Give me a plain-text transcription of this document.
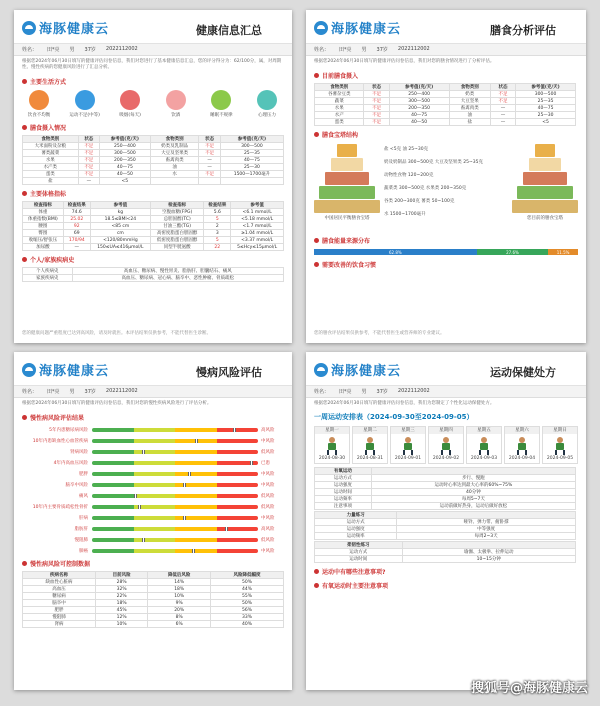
海豚健康云	健康信息汇总
姓名： 田*亮 男 37岁 2022112002
根据您2024年06月30日填写的健康评估问卷信息，我们对您进行了基本健康信息汇总，您的评分得分为：62/100分，属，对周期性、慢性疾病的您健康风险进行了汇总分析。
主要生活方式
饮食不均衡	运动不足(中等)	吸烟(每天)	饮酒	睡眠不规律	心理压力
膳食摄入情况
食物类别	状态	参考值(克/天)	食物类别	状态	参考值(克/天)
大米面粉及杂粮	不足	250—400	奶类及乳制品	不足	300—500
薯类蔬菜	不足	300—500	大豆及坚果类	不足	25—35
水果	不足	200—350	畜禽肉类	—	40—75
水产类	不足	40—75	油	—	25—30
蛋类	不足	40—50	水	不足	1500—1700毫升
盐	—	<5			
主要体格指标
检查指标	检查结果	参考值	检查指标	检查结果	参考值
体重	74.6	kg	空腹血糖(FPG)	5.6	<6.1 mmol/L
体重指数(BMI)	25.02	18.5≤BMI<24	总胆固醇(TC)	5	<5.18 mmol/L
腰围	92	<85 cm	甘油三酯(TG)	2	<1.7 mmol/L
臀围	69	cm	高密度脂蛋白胆固醇	3	≥1.04 mmol/L
收缩压/舒张压	170/94	<120/80mmHg	低密度脂蛋白胆固醇	5	<3.37 mmol/L
加尿酸	—	150≤UA≤416μmol/L	同型半胱氨酸	22	5≤Hcy≤15μmol/L
个人/家族疾病史
个人疾病史	高血压、糖尿病、慢性胃炎、脂肪肝、胆囊结石、痛风
家族疾病史	高血压、糖尿病、冠心病、脑卒中、恶性肿瘤、骨质疏松
您的健康问题严重程度已达到高风险，请及时就医。本评估结果仅供参考，不能代替医生诊断。
海豚健康云	膳食分析评估
姓名： 田*亮 男 37岁 2022112002
根据您2024年06月30日填写的健康评估问卷信息，我们对您的膳食情况进行了分析评估。
目前膳食摄入
食物类别	状态	参考值(克/天)	食物类别	状态	参考值(克/天)
谷薯杂豆类	不足	250—400	奶类	不足	300—500
蔬菜	不足	300—500	大豆坚果	不足	25—35
水果	不足	200—350	畜禽肉类	—	40—75
水产	不足	40—75	油	—	25—30
蛋类	不足	40—50	盐	—	<5
膳食宝塔结构
中国居民平衡膳食宝塔
盐 <5克 油 25~30克
奶及奶制品 300~500克 大豆及坚果类 25~35克
动物性食物 120~200克
蔬菜类 300~500克 水果类 200~350克
谷类 200~300克 薯类 50~100克
水 1500~1700毫升
您目前的膳食宝塔
膳食能量来源分布
62.8%	27.6%	11.5%
需要改善的饮食习惯
您的膳食评估结果仅供参考，不能代替医生或营养师的专业建议。
海豚健康云	慢病风险评估
姓名： 田*亮 男 37岁 2022112002
根据您2024年06月30日填写的健康评估问卷信息，我们对您的慢性疾病风险进行了评估分析。
慢性病风险评估结果
5年内患糖尿病风险	高风险
10年内患缺血性心血管疾病	中风险
肾病风险	低风险
4年内高血压风险	已患
肥胖	中风险
脑卒中风险	中风险
痛风	低风险
10年内主要骨质疏松性骨折	低风险
肝病	中风险
脂肪肝	高风险
慢阻肺	低风险
肺癌	中风险
慢性病风险可控制数据
疾病名称	目前风险	降低后风险	风险降低幅度
缺血性心脏病	28%	14%	50%
高血压	32%	18%	44%
糖尿病	22%	10%	55%
脑卒中	18%	9%	50%
肥胖	45%	20%	56%
慢阻肺	12%	8%	33%
肾病	10%	6%	40%
海豚健康云	运动保健处方
姓名： 田*亮 男 37岁 2022112002
根据您2024年06月30日填写的健康评估问卷信息，我们为您制定了个性化运动保健处方。
一周运动安排表（2024-09-30至2024-09-05）
星期一
2024-08-30
星期二
2024-08-31
星期三
2024-09-01
星期四
2024-09-02
星期五
2024-09-03
星期六
2024-09-04
星期日
2024-09-05
有氧运动	
运动方式	步行、慢跑
运动强度	运动时心率达到最大心率的60%~75%
运动时间	40分钟
运动频率	每周5~7天
注意事项	运动前做好热身，运动后做好放松
力量练习	
运动方式	哑铃、弹力带、俯卧撑
运动强度	中等强度
运动频率	每周2~3天
柔韧性练习	
运动方式	瑜伽、太极拳、拉伸运动
运动时间	10~15分钟
运动中有哪些注意事项?
有氧运动时主要注意事项
搜狐号@海豚健康云
